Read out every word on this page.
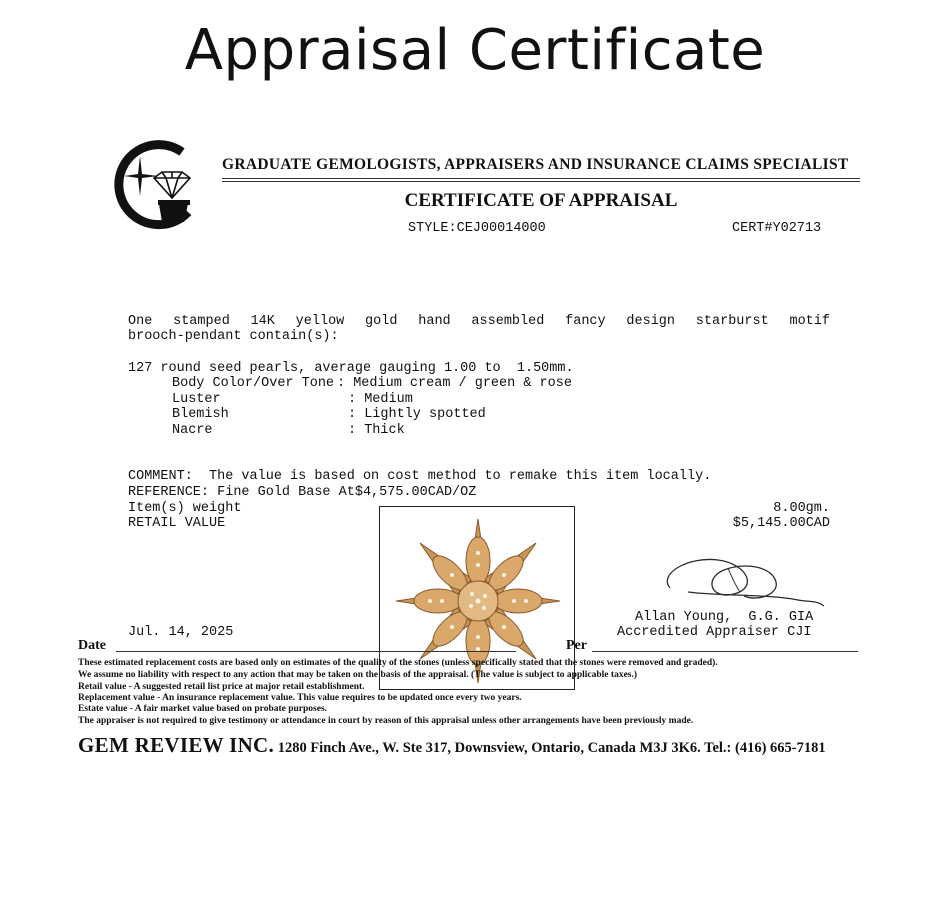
Appraisal Certificate
GRADUATE GEMOLOGISTS, APPRAISERS AND INSURANCE CLAIMS SPECIALIST
CERTIFICATE OF APPRAISAL
STYLE:CEJ00014000	CERT#Y02713
One stamped 14K yellow gold hand assembled fancy design starburst motif
brooch-pendant contain(s):
127 round seed pearls, average gauging 1.00 to  1.50mm.
Body Color/Over Tone : Medium cream / green & rose
Luster	: Medium
Blemish	: Lightly spotted
Nacre	: Thick
COMMENT:  The value is based on cost method to remake this item locally.
REFERENCE: Fine Gold Base At$4,575.00CAD/OZ
Item(s) weight	8.00gm.
RETAIL VALUE	$5,145.00CAD
Allan Young,  G.G. GIA
Accredited Appraiser CJI
Jul. 14, 2025
Date	Per
These estimated replacement costs are based only on estimates of the quality of the stones (unless specifically stated that the stones were removed and graded).
We assume no liability with respect to any action that may be taken on the basis of the appraisal. (The value is subject to applicable taxes.)
Retail value - A suggested retail list price at major retail establishment.
Replacement value - An insurance replacement value. This value requires to be updated once every two years.
Estate value - A fair market value based on probate purposes.
The appraiser is not required to give testimony or attendance in court by reason of this appraisal unless other arrangements have been previously made.
GEM REVIEW INC. 1280 Finch Ave., W. Ste 317, Downsview, Ontario, Canada M3J 3K6. Tel.: (416) 665-7181
